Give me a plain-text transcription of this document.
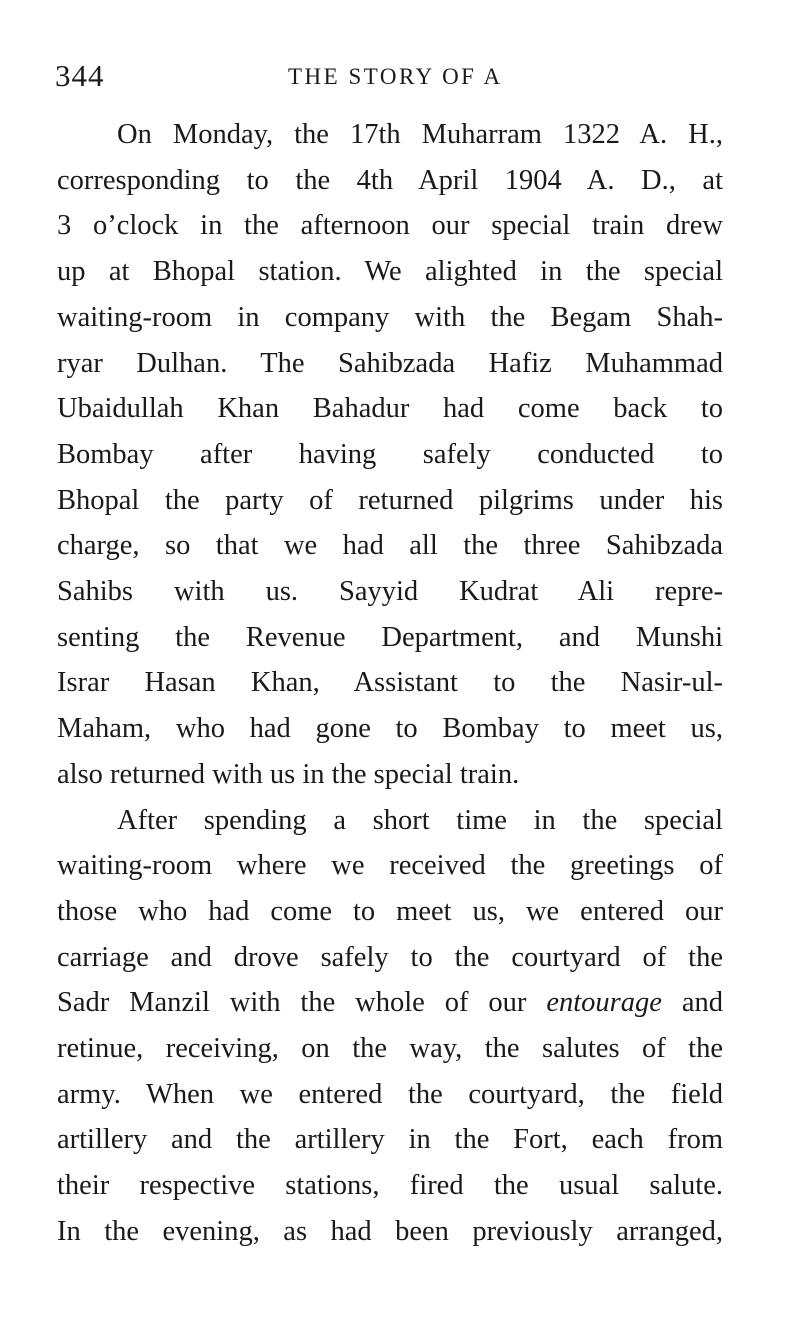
344	THE STORY OF A

On Monday, the 17th Muharram 1322 A. H.,
corresponding to the 4th April 1904 A. D., at
3 o’clock in the afternoon our special train drew
up at Bhopal station. We alighted in the special
waiting-room in company with the Begam Shah-
ryar Dulhan. The Sahibzada Hafiz Muhammad
Ubaidullah Khan Bahadur had come back to
Bombay after having safely conducted to
Bhopal the party of returned pilgrims under his
charge, so that we had all the three Sahibzada
Sahibs with us. Sayyid Kudrat Ali repre-
senting the Revenue Department, and Munshi
Israr Hasan Khan, Assistant to the Nasir-ul-
Maham, who had gone to Bombay to meet us,
also returned with us in the special train.

After spending a short time in the special
waiting-room where we received the greetings of
those who had come to meet us, we entered our
carriage and drove safely to the courtyard of the
Sadr Manzil with the whole of our entourage and
retinue, receiving, on the way, the salutes of the
army. When we entered the courtyard, the field
artillery and the artillery in the Fort, each from
their respective stations, fired the usual salute.
In the evening, as had been previously arranged,
